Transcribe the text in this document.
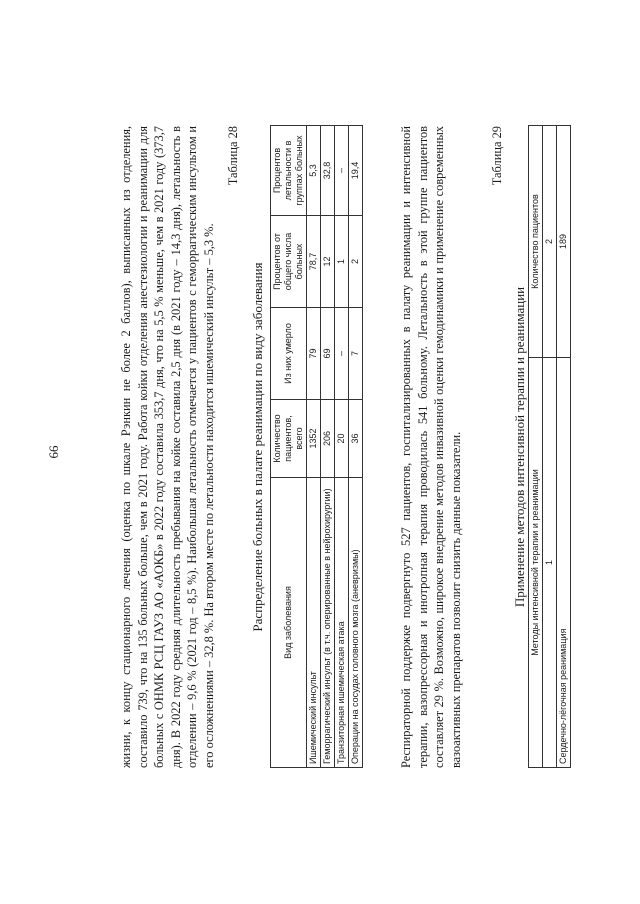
66	жизни, к концу стационарного лечения (оценка по шкале Рэнкин не более 2 баллов), выписанных из отделения, составило 739, что на 135 больных больше, чем в 2021 году. Работа койки отделения анестезиологии и реанимации для больных с ОНМК РСЦ ГАУЗ АО «АОКБ» в 2022 году составила 353,7 дня, что на 5,5 % меньше, чем в 2021 году (373,7 дня). В 2022 году средняя длительность пребывания на койке составила 2,5 дня (в 2021 году – 14,3 дня), летальность в отделении – 9,6 % (2021 год – 8,5 %). Наибольшая летальность отмечается у пациентов с геморрагическим инсультом и его осложнениями – 32,8 %. На втором месте по летальности находится ишемический инсульт – 5,3 %.
Таблица 28
Распределение больных в палате реанимации по виду заболевания Вид заболевания	Количество пациентов, всего	Из них умерло	Процентов от общего числа больных	Процентов летальности в группах больных
Ишемический инсульт	1352	79	78,7	5,3
Геморрагический инсульт (в т.ч. оперированные в нейрохирургии)	206	69	12	32,8
Транзиторная ишемическая атака	20	–	1	–
Операции на сосудах головного мозга (аневризмы)	36	7	2	19,4	Респираторной поддержке подвергнуто 527 пациентов, госпитализированных в палату реанимации и интенсивной терапии, вазопрессорная и инотропная терапия проводилась 541 больному. Летальность в этой группе пациентов составляет 29 %. Возможно, широкое внедрение методов инвазивной оценки гемодинамики и применение современных вазоактивных препаратов позволит снизить данные показатели.
Таблица 29
Применение методов интенсивной терапии и реанимации Методы интенсивной терапии и реанимации	Количество пациентов
1	2
Сердечно-лёгочная реанимация	189
